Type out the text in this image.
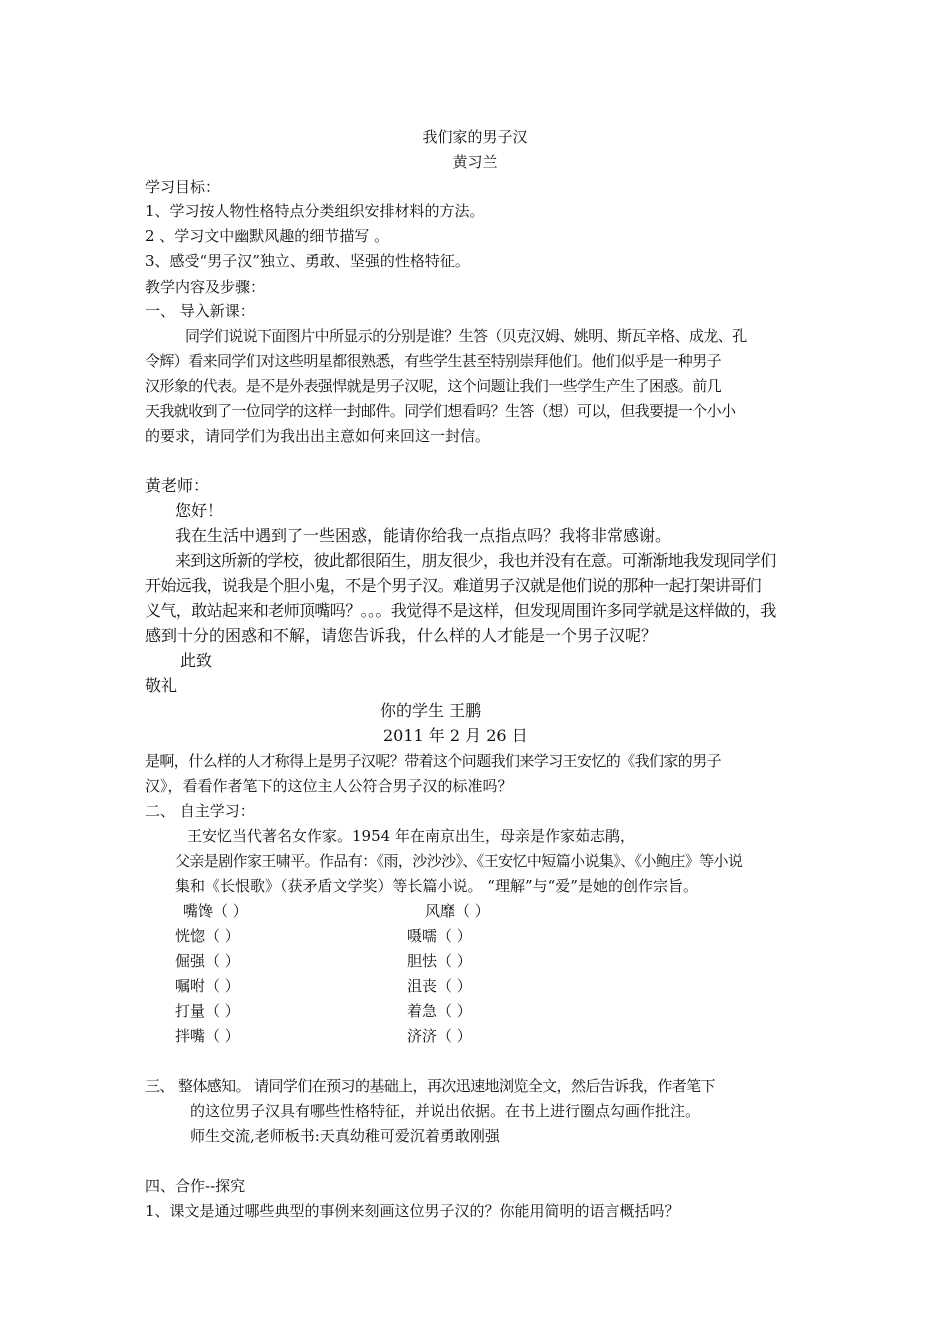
我们家的男子汉
黄习兰
学习目标：
1、学习按人物性格特点分类组织安排材料的方法。
2 、学习文中幽默风趣的细节描写 。
3、感受“男子汉”独立、勇敢、坚强的性格特征。
教学内容及步骤：
一、 导入新课：
同学们说说下面图片中所显示的分别是谁？生答（贝克汉姆、姚明、斯瓦辛格、成龙、孔
令辉）看来同学们对这些明星都很熟悉，有些学生甚至特别崇拜他们。他们似乎是一种男子
汉形象的代表。是不是外表强悍就是男子汉呢，这个问题让我们一些学生产生了困惑。前几
天我就收到了一位同学的这样一封邮件。同学们想看吗？生答（想）可以，但我要提一个小小
的要求，请同学们为我出出主意如何来回这一封信。
黄老师：
您好！
我在生活中遇到了一些困惑，能请你给我一点指点吗？我将非常感谢。
来到这所新的学校，彼此都很陌生，朋友很少，我也并没有在意。可渐渐地我发现同学们
开始远我，说我是个胆小鬼，不是个男子汉。难道男子汉就是他们说的那种一起打架讲哥们
义气，敢站起来和老师顶嘴吗？。。。我觉得不是这样，但发现周围许多同学就是这样做的，我
感到十分的困惑和不解，请您告诉我，什么样的人才能是一个男子汉呢？
此致
敬礼
你的学生 王鹏
2011 年 2 月 26 日
是啊，什么样的人才称得上是男子汉呢？带着这个问题我们来学习王安忆的《我们家的男子
汉》，看看作者笔下的这位主人公符合男子汉的标准吗？
二、 自主学习：
王安忆当代著名女作家。1954 年在南京出生，母亲是作家茹志鹃，
父亲是剧作家王啸平。作品有：《雨，沙沙沙》、《王安忆中短篇小说集》、《小鲍庄》等小说
集和《长恨歌》（获矛盾文学奖）等长篇小说。 “理解”与“爱”是她的创作宗旨。
嘴馋（ ）	风靡（ ）
恍惚（ ）	嗫嚅（ ）
倔强（ ）	胆怯（ ）
嘱咐（ ）	沮丧（ ）
打量（ ）	着急（ ）
拌嘴（ ）	济济（ ）
三、 整体感知。 请同学们在预习的基础上，再次迅速地浏览全文，然后告诉我，作者笔下
的这位男子汉具有哪些性格特征，并说出依据。在书上进行圈点勾画作批注。
师生交流,老师板书:天真幼稚可爱沉着勇敢刚强
四、合作--探究
1、课文是通过哪些典型的事例来刻画这位男子汉的？你能用简明的语言概括吗？
